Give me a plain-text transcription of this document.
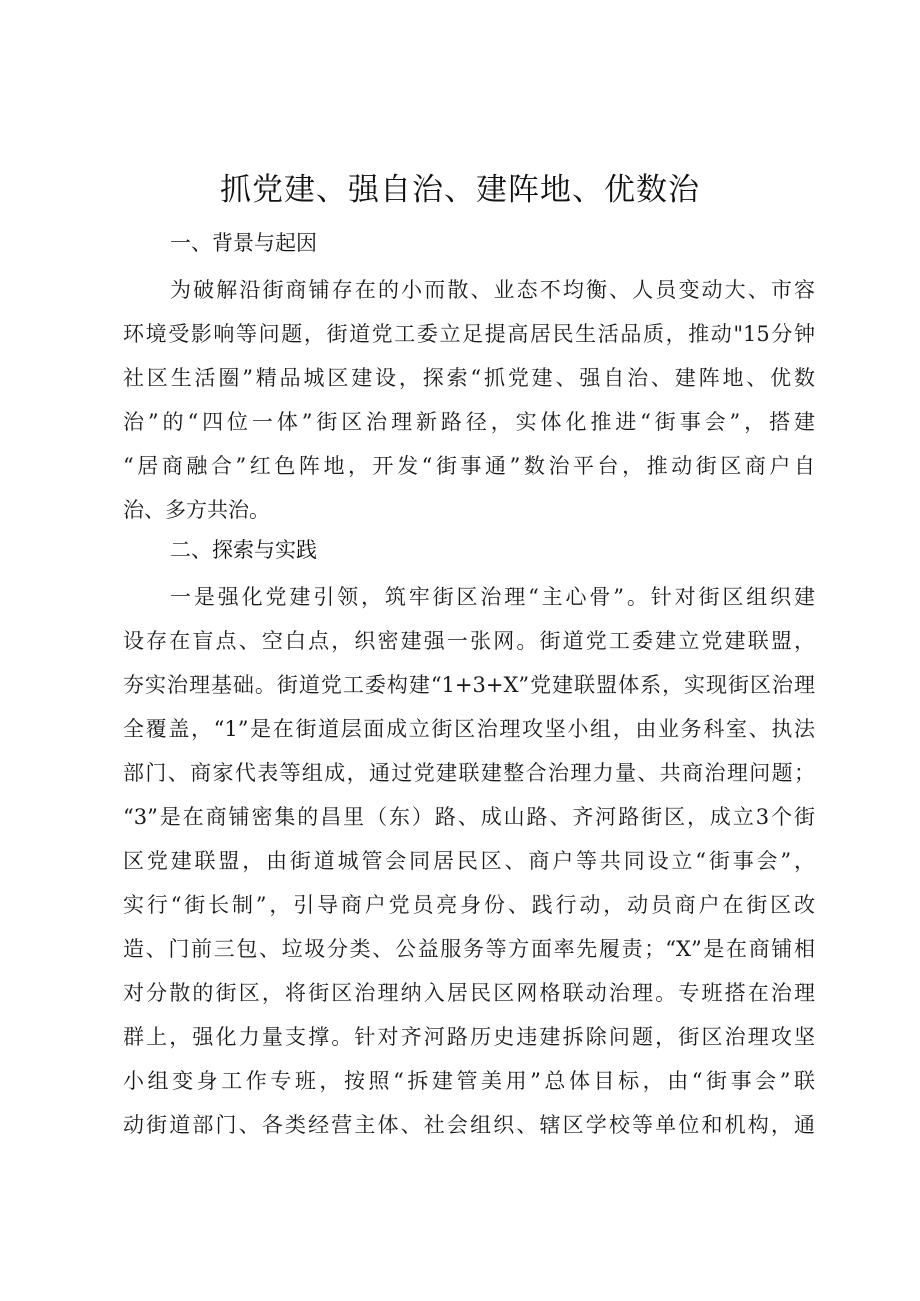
抓党建、强自治、建阵地、优数治
一、背景与起因
为破解沿街商铺存在的小而散、业态不均衡、人员变动大、市容
环境受影响等问题，街道党工委立足提高居民生活品质，推动"15分钟
社区生活圈”精品城区建设，探索“抓党建、强自治、建阵地、优数
治”的“四位一体”街区治理新路径，实体化推进“街事会”，搭建
“居商融合”红色阵地，开发“街事通”数治平台，推动街区商户自
治、多方共治。
二、探索与实践
一是强化党建引领，筑牢街区治理“主心骨”。针对街区组织建
设存在盲点、空白点，织密建强一张网。街道党工委建立党建联盟，
夯实治理基础。街道党工委构建“1+3+X”党建联盟体系，实现街区治理
全覆盖，“1”是在街道层面成立街区治理攻坚小组，由业务科室、执法
部门、商家代表等组成，通过党建联建整合治理力量、共商治理问题；
“3”是在商铺密集的昌里（东）路、成山路、齐河路街区，成立3个街
区党建联盟，由街道城管会同居民区、商户等共同设立“街事会”，
实行“街长制”，引导商户党员亮身份、践行动，动员商户在街区改
造、门前三包、垃圾分类、公益服务等方面率先履责；“X”是在商铺相
对分散的街区，将街区治理纳入居民区网格联动治理。专班搭在治理
群上，强化力量支撑。针对齐河路历史违建拆除问题，街区治理攻坚
小组变身工作专班，按照“拆建管美用”总体目标，由“街事会”联
动街道部门、各类经营主体、社会组织、辖区学校等单位和机构，通
